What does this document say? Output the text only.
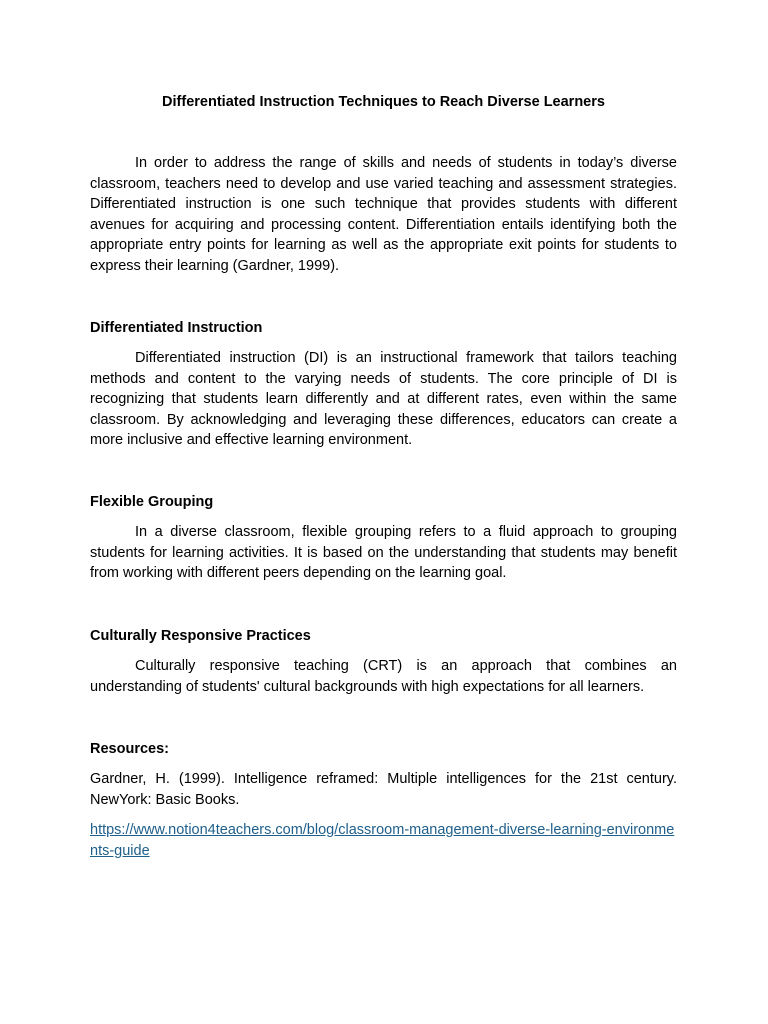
Differentiated Instruction Techniques to Reach Diverse Learners

In order to address the range of skills and needs of students in today’s diverse classroom, teachers need to develop and use varied teaching and assessment strategies. Differentiated instruction is one such technique that provides students with different avenues for acquiring and processing content. Differentiation entails identifying both the appropriate entry points for learning as well as the appropriate exit points for students to express their learning (Gardner, 1999).

Differentiated Instruction

Differentiated instruction (DI) is an instructional framework that tailors teaching methods and content to the varying needs of students. The core principle of DI is recognizing that students learn differently and at different rates, even within the same classroom. By acknowledging and leveraging these differences, educators can create a more inclusive and effective learning environment.

Flexible Grouping

In a diverse classroom, flexible grouping refers to a fluid approach to grouping students for learning activities. It is based on the understanding that students may benefit from working with different peers depending on the learning goal.

Culturally Responsive Practices

Culturally responsive teaching (CRT) is an approach that combines an understanding of students' cultural backgrounds with high expectations for all learners.

Resources:

Gardner, H. (1999). Intelligence reframed: Multiple intelligences for the 21st century. NewYork: Basic Books.

https://www.notion4teachers.com/blog/classroom-management-diverse-learning-environments-guide
